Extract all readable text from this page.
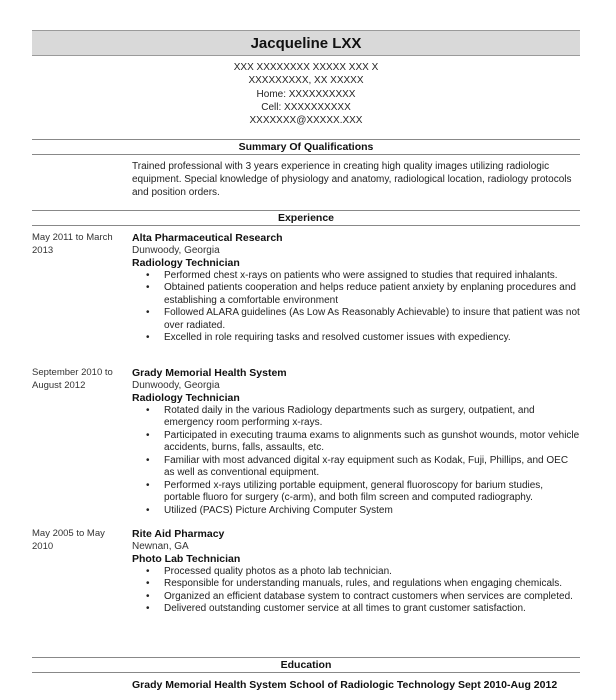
Jacqueline LXX
XXX XXXXXXXX XXXXX XXX X
XXXXXXXXX, XX XXXXX
Home: XXXXXXXXXX
Cell: XXXXXXXXXX
XXXXXXX@XXXXX.XXX
Summary Of Qualifications
Trained professional with 3 years experience in creating high quality images utilizing radiologic equipment. Special knowledge of physiology and anatomy, radiological location, radiology protocols and position orders.
Experience
May 2011 to March 2013
Alta Pharmaceutical Research
Dunwoody, Georgia
Radiology Technician
• Performed chest x-rays on patients who were assigned to studies that required inhalants.
• Obtained patients cooperation and helps reduce patient anxiety by enplaning procedures and establishing a comfortable environment
• Followed ALARA guidelines (As Low As Reasonably Achievable) to insure that patient was not over radiated.
• Excelled in role requiring tasks and resolved customer issues with expediency.
September 2010 to August 2012
Grady Memorial Health System
Dunwoody, Georgia
Radiology Technician
• Rotated daily in the various Radiology departments such as surgery, outpatient, and emergency room performing x-rays.
• Participated in executing trauma exams to alignments such as gunshot wounds, motor vehicle accidents, burns, falls, assaults, etc.
• Familiar with most advanced digital x-ray equipment such as Kodak, Fuji, Phillips, and OEC as well as conventional equipment.
• Performed x-rays utilizing portable equipment, general fluoroscopy for barium studies, portable fluoro for surgery (c-arm), and both film screen and computed radiography.
• Utilized (PACS) Picture Archiving Computer System
May 2005 to May 2010
Rite Aid Pharmacy
Newnan, GA
Photo Lab Technician
• Processed quality photos as a photo lab technician.
• Responsible for understanding manuals, rules, and regulations when engaging chemicals.
• Organized an efficient database system to contract customers when services are completed.
• Delivered outstanding customer service at all times to grant customer satisfaction.
Education
Grady Memorial Health System School of Radiologic Technology Sept 2010-Aug 2012
